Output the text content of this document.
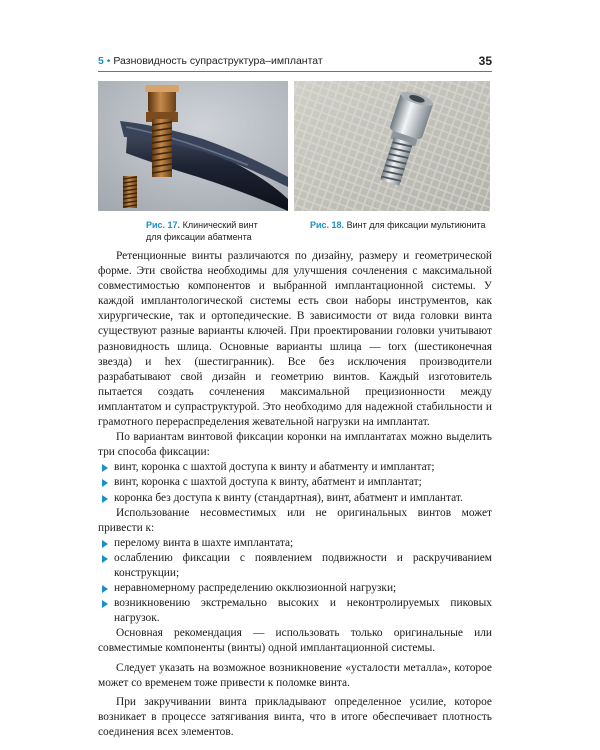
5 • Разновидность супраструктура–имплантат	35
Рис. 17. Клинический винт
для фиксации абатмента
Рис. 18. Винт для фиксации мультиюнита

Ретенционные винты различаются по дизайну, размеру и геометрической форме. Эти свойства необходимы для улучшения сочленения с максимальной совместимостью компонентов и выбранной имплантационной системы. У каждой имплантологической системы есть свои наборы инструментов, как хирургические, так и ортопедические. В зависимости от вида головки винта существуют разные варианты ключей. При проектировании головки учитывают разновидность шлица. Основные варианты шлица — torx (шестиконечная звезда) и hex (шестигранник). Все без исключения производители разрабатывают свой дизайн и геометрию винтов. Каждый изготовитель пытается создать сочленения максимальной прецизионности между имплантатом и супраструктурой. Это необходимо для надежной стабильности и грамотного перераспределения жевательной нагрузки на имплантат.

По вариантам винтовой фиксации коронки на имплантатах можно выделить три способа фиксации:

винт, коронка с шахтой доступа к винту и абатменту и имплантат;
винт, коронка с шахтой доступа к винту, абатмент и имплантат;
коронка без доступа к винту (стандартная), винт, абатмент и имплантат.

Использование несовместимых или не оригинальных винтов может привести к:

перелому винта в шахте имплантата;
ослаблению фиксации с появлением подвижности и раскручиванием конструкции;
неравномерному распределению окклюзионной нагрузки;
возникновению экстремально высоких и неконтролируемых пиковых нагрузок.

Основная рекомендация — использовать только оригинальные или совместимые компоненты (винты) одной имплантационной системы.

Следует указать на возможное возникновение «усталости металла», которое может со временем тоже привести к поломке винта.

При закручивании винта прикладывают определенное усилие, которое возникает в процессе затягивания винта, что в итоге обеспечивает плотность соединения всех элементов.
